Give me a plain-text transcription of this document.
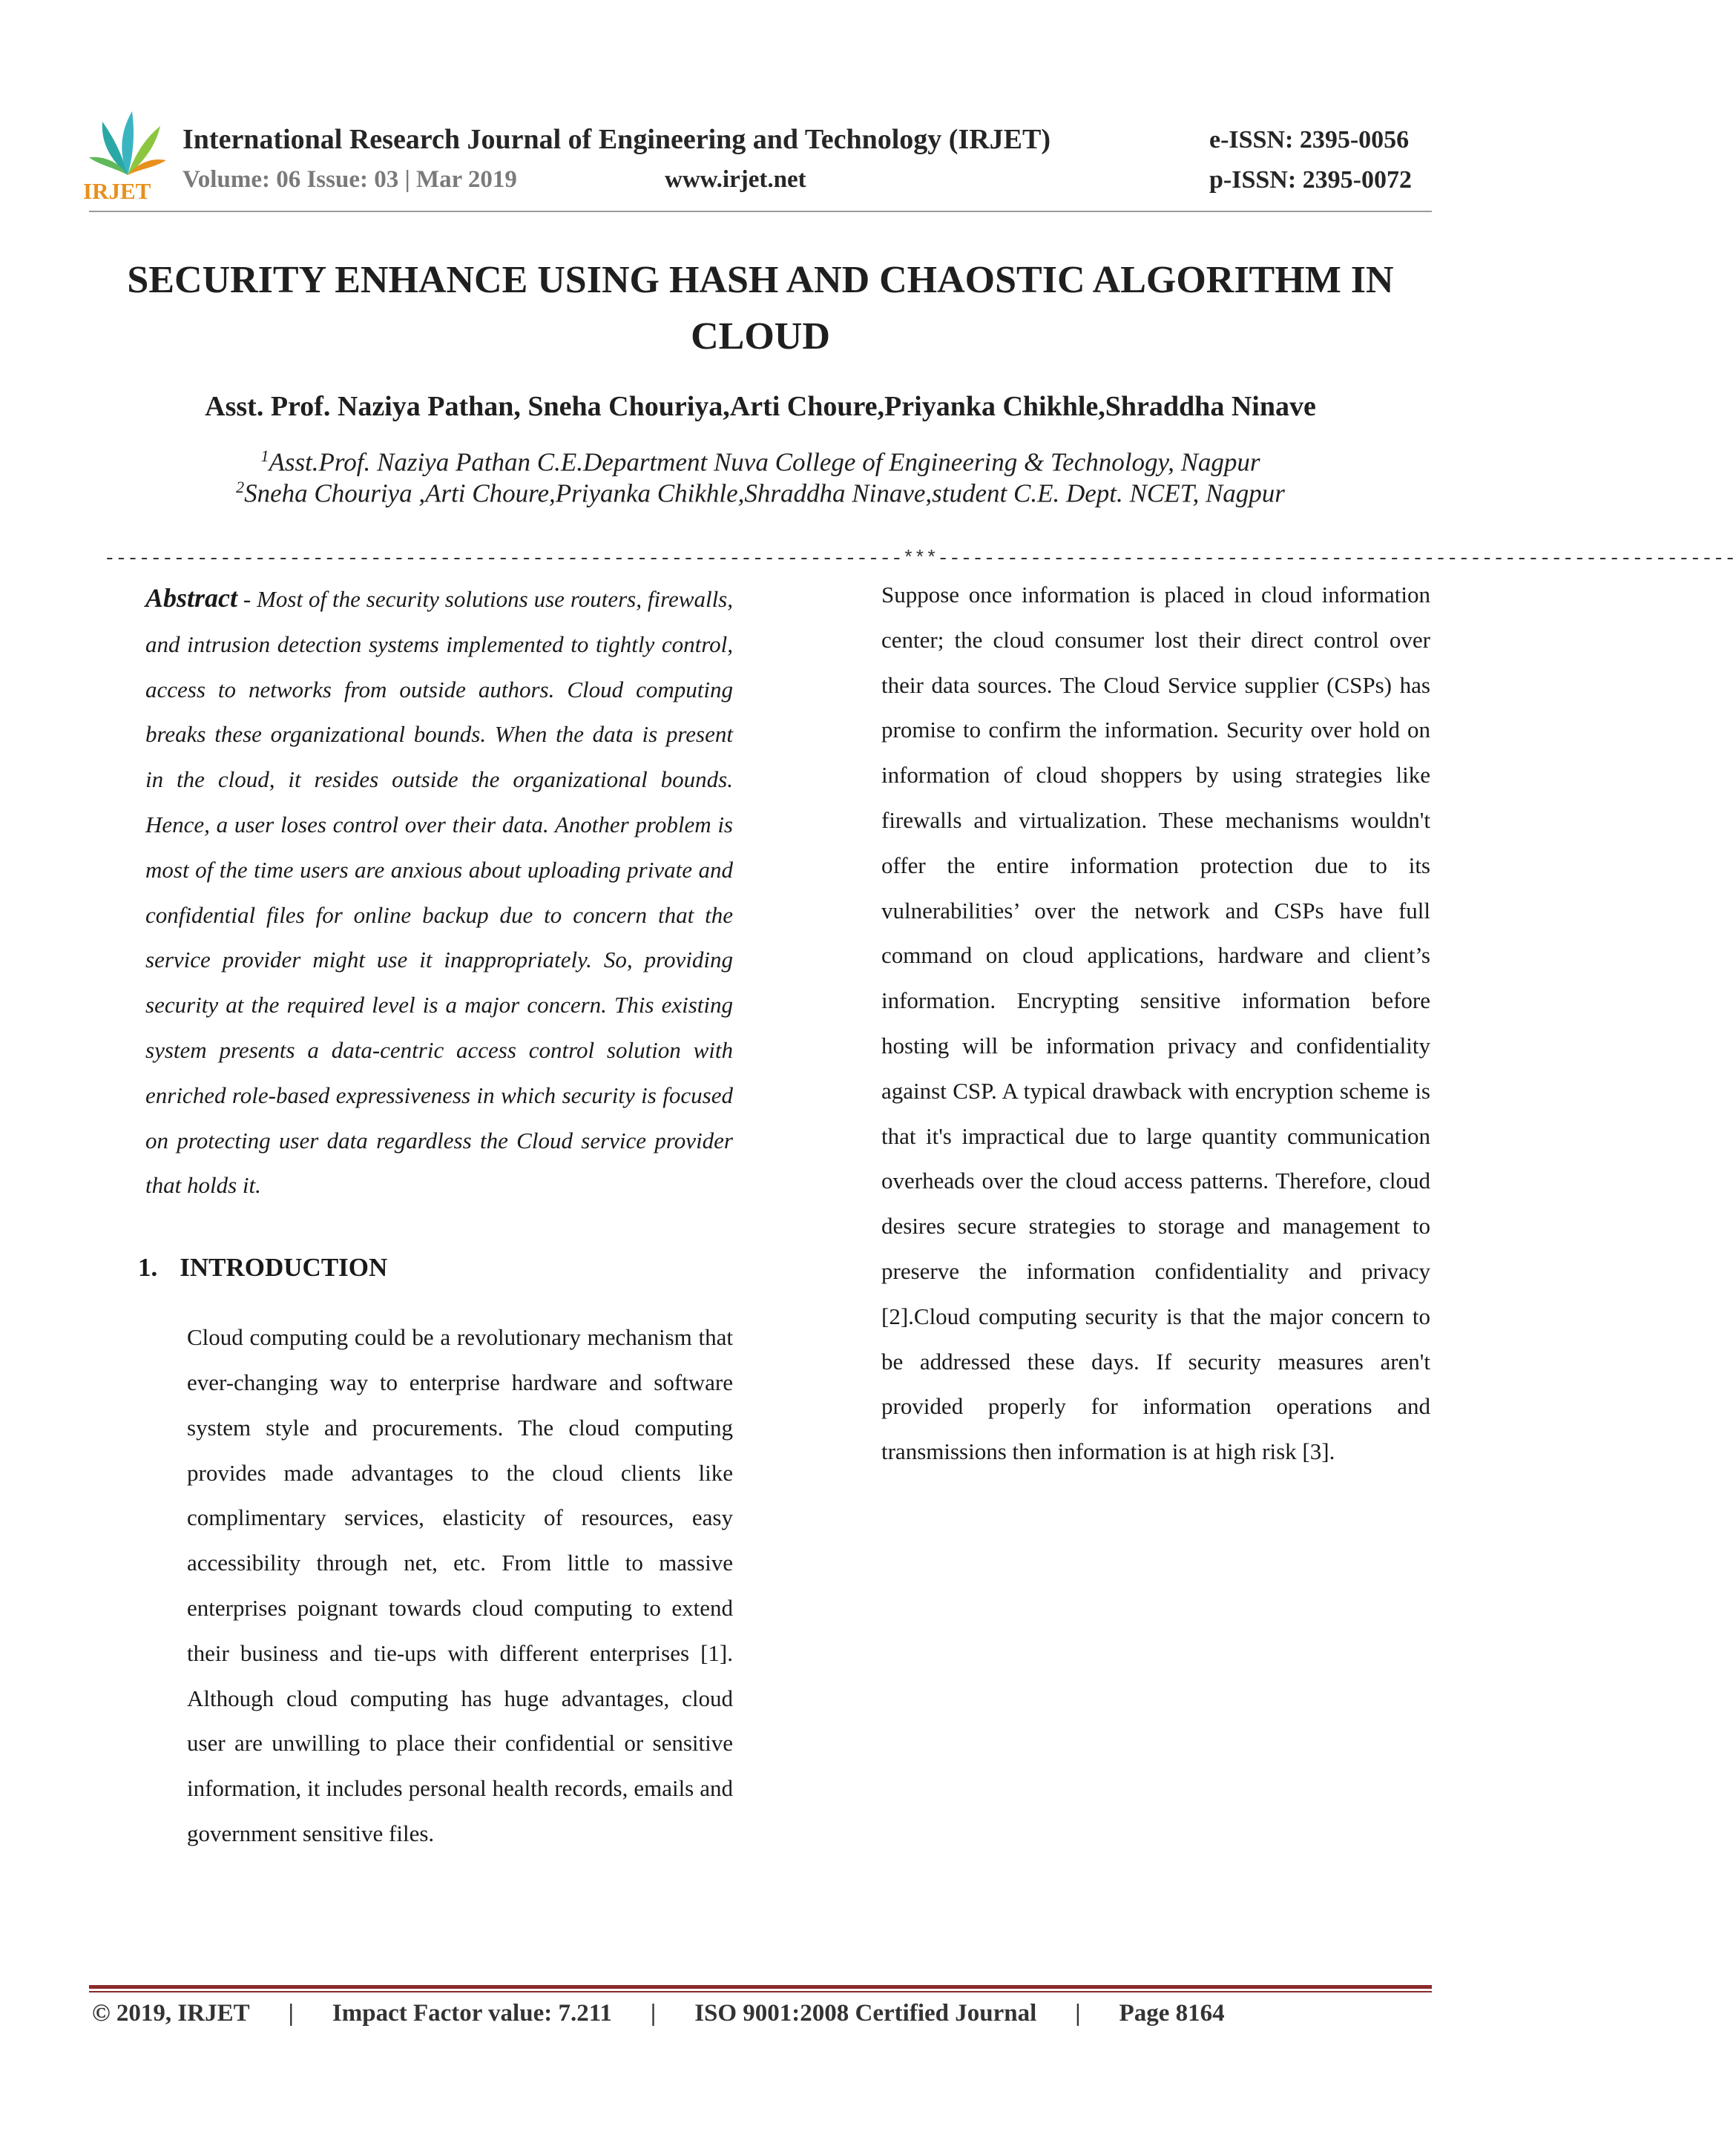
IRJET
International Research Journal of Engineering and Technology (IRJET)
Volume: 06 Issue: 03 | Mar 2019	www.irjet.net
e-ISSN: 2395-0056
p-ISSN: 2395-0072
SECURITY ENHANCE USING HASH AND CHAOSTIC ALGORITHM IN CLOUD
Asst. Prof. Naziya Pathan, Sneha Chouriya,Arti Choure,Priyanka Chikhle,Shraddha Ninave
$^1$Asst.Prof. Naziya Pathan C.E.Department Nuva College of Engineering & Technology, Nagpur
$^2$Sneha Chouriya ,Arti Choure,Priyanka Chikhle,Shraddha Ninave,student C.E. Dept. NCET, Nagpur
---------------------------------------------------------------------***---------------------------------------------------------------------

Abstract - Most of the security solutions use routers, firewalls, and intrusion detection systems implemented to tightly control, access to networks from outside authors. Cloud computing breaks these organizational bounds. When the data is present in the cloud, it resides outside the organizational bounds. Hence, a user loses control over their data. Another problem is most of the time users are anxious about uploading private and confidential files for online backup due to concern that the service provider might use it inappropriately. So, providing security at the required level is a major concern. This existing system presents a data-centric access control solution with enriched role-based expressiveness in which security is focused on protecting user data regardless the Cloud service provider that holds it.

1. INTRODUCTION

Cloud computing could be a revolutionary mechanism that ever-changing way to enterprise hardware and software system style and procurements. The cloud computing provides made advantages to the cloud clients like complimentary services, elasticity of resources, easy accessibility through net, etc. From little to massive enterprises poignant towards cloud computing to extend their business and tie-ups with different enterprises [1]. Although cloud computing has huge advantages, cloud user are unwilling to place their confidential or sensitive information, it includes personal health records, emails and government sensitive files.

Suppose once information is placed in cloud information center; the cloud consumer lost their direct control over their data sources. The Cloud Service supplier (CSPs) has promise to confirm the information. Security over hold on information of cloud shoppers by using strategies like firewalls and virtualization. These mechanisms wouldn't offer the entire information protection due to its vulnerabilities’ over the network and CSPs have full command on cloud applications, hardware and client’s information. Encrypting sensitive information before hosting will be information privacy and confidentiality against CSP. A typical drawback with encryption scheme is that it's impractical due to large quantity communication overheads over the cloud access patterns. Therefore, cloud desires secure strategies to storage and management to preserve the information confidentiality and privacy [2].Cloud computing security is that the major concern to be addressed these days. If security measures aren't provided properly for information operations and transmissions then information is at high risk [3].

© 2019, IRJET | Impact Factor value: 7.211 | ISO 9001:2008 Certified Journal | Page 8164
